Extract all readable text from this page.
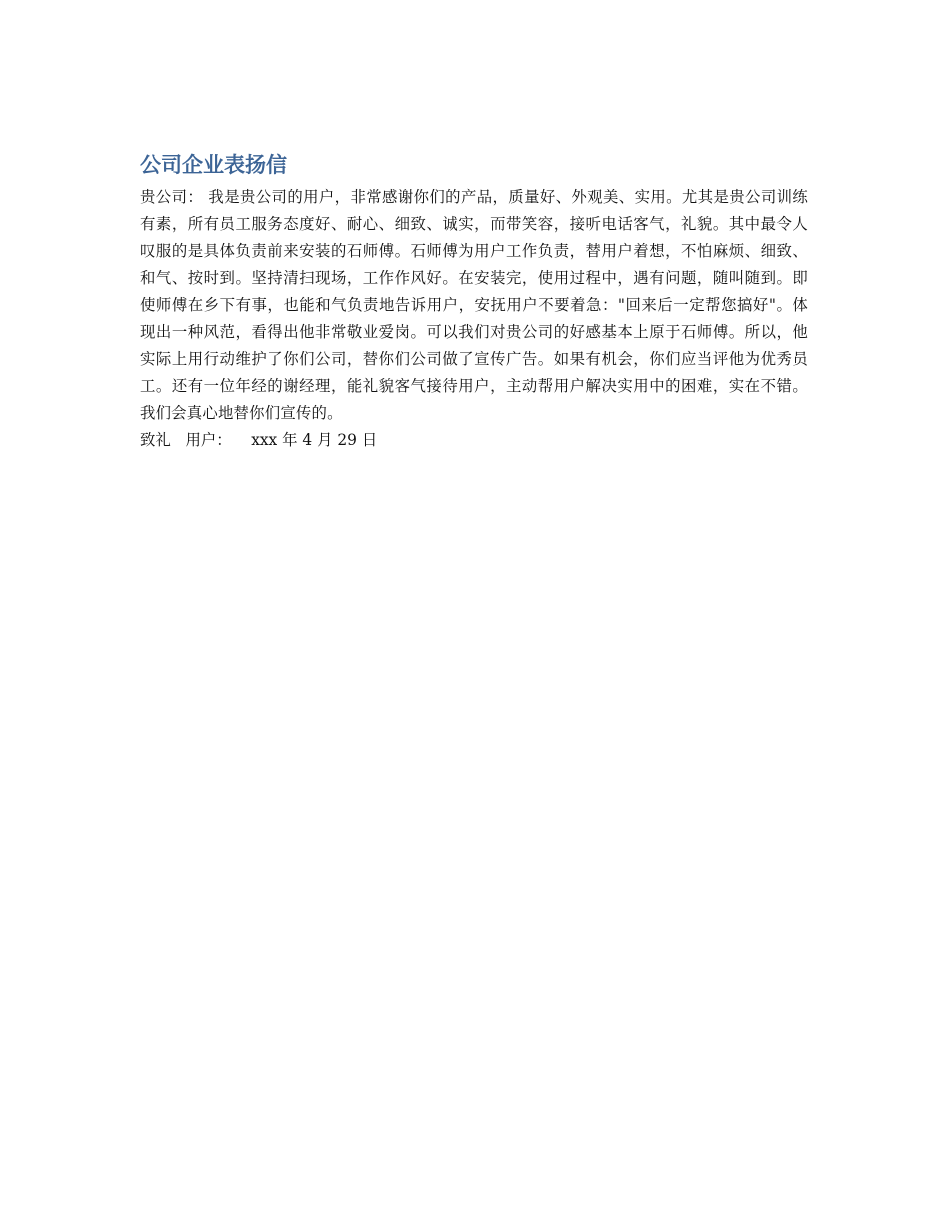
公司企业表扬信

贵公司： 我是贵公司的用户，非常感谢你们的产品，质量好、外观美、实用。尤其是贵公司训练有素，所有员工服务态度好、耐心、细致、诚实，而带笑容，接听电话客气，礼貌。其中最令人叹服的是具体负责前来安装的石师傅。石师傅为用户工作负责，替用户着想，不怕麻烦、细致、和气、按时到。坚持清扫现场，工作作风好。在安装完，使用过程中，遇有问题，随叫随到。即使师傅在乡下有事，也能和气负责地告诉用户，安抚用户不要着急："回来后一定帮您搞好"。体现出一种风范，看得出他非常敬业爱岗。可以我们对贵公司的好感基本上原于石师傅。所以，他实际上用行动维护了你们公司，替你们公司做了宣传广告。如果有机会，你们应当评他为优秀员工。还有一位年经的谢经理，能礼貌客气接待用户，主动帮用户解决实用中的困难，实在不错。 我们会真心地替你们宣传的。

致礼   用户：    xxx 年 4 月 29 日
